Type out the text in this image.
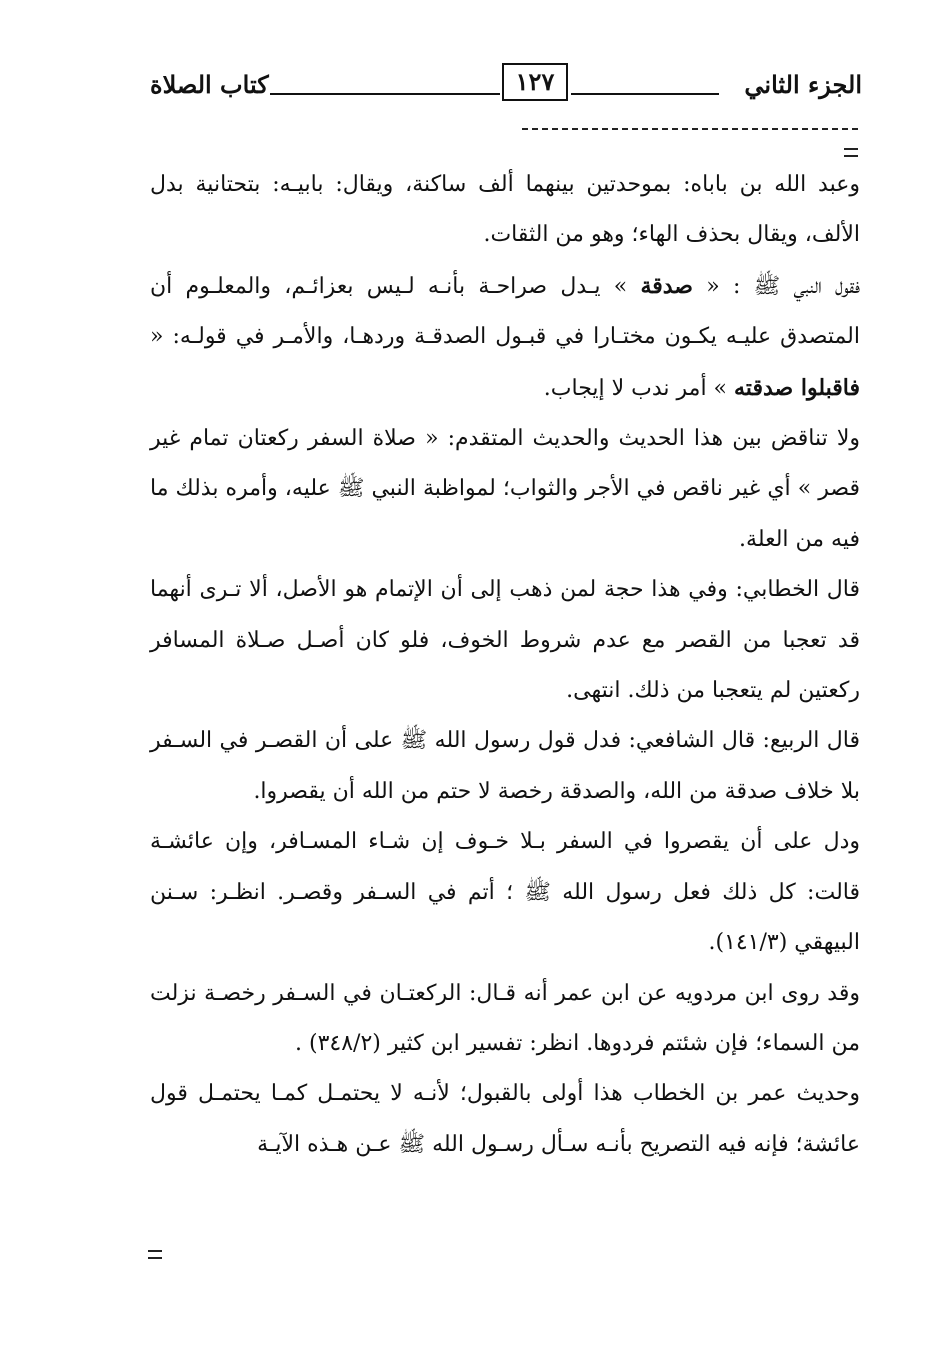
الجزء الثاني
١٢٧
كتاب الصلاة

وعبد الله بن باباه: بموحدتين بينهما ألف ساكنة، ويقال: بابيـه: بتحتانية بدل الألف، ويقال بحذف الهاء؛ وهو من الثقات.

فقول النبي ﷺ : « صدقة » يـدل صراحـة بأنـه لـيس بعزائـم، والمعلـوم أن المتصدق عليـه يكـون مختـارا في قبـول الصدقـة وردهـا، والأمـر في قولـه: « فاقبلوا صدقته » أمر ندب لا إيجاب.

ولا تناقض بين هذا الحديث والحديث المتقدم: « صلاة السفر ركعتان تمام غير قصر » أي غير ناقص في الأجر والثواب؛ لمواظبة النبي ﷺ عليه، وأمره بذلك ما فيه من العلة.

قال الخطابي: وفي هذا حجة لمن ذهب إلى أن الإتمام هو الأصل، ألا تـرى أنهما قد تعجبا من القصر مع عدم شروط الخوف، فلو كان أصـل صـلاة المسافر ركعتين لم يتعجبا من ذلك. انتهى.

قال الربيع: قال الشافعي: فدل قول رسول الله ﷺ على أن القصـر في السـفر بلا خلاف صدقة من الله، والصدقة رخصة لا حتم من الله أن يقصروا.

ودل على أن يقصروا في السفر بـلا خـوف إن شـاء المسـافر، وإن عائشـة قالت: كل ذلك فعل رسول الله ﷺ ؛ أتم في السـفر وقصـر. انظـر: سـنن البيهقي (١٤١/٣).

وقد روى ابن مردويه عن ابن عمر أنه قـال: الركعتـان في السـفر رخصـة نزلت من السماء؛ فإن شئتم فردوها. انظر: تفسير ابن كثير (٣٤٨/٢) .

وحديث عمر بن الخطاب هذا أولى بالقبول؛ لأنـه لا يحتمـل كمـا يحتمـل قول عائشة؛ فإنه فيه التصريح بأنـه سـأل رسـول الله ﷺ عـن هـذه الآيـة
